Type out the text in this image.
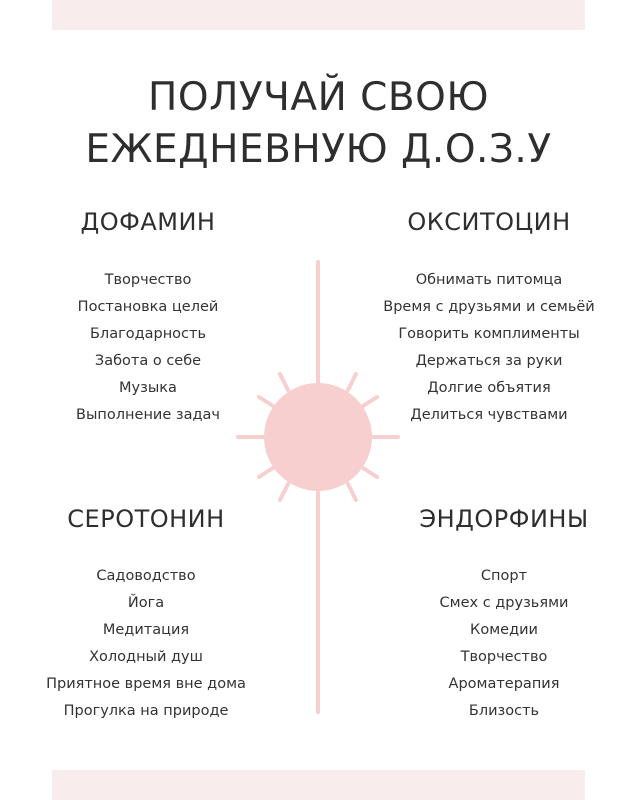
ПОЛУЧАЙ СВОЮ
ЕЖЕДНЕВНУЮ Д.О.З.У
ДОФАМИН
Творчество
Постановка целей
Благодарность
Забота о себе
Музыка
Выполнение задач
ОКСИТОЦИН
Обнимать питомца
Время с друзьями и семьёй
Говорить комплименты
Держаться за руки
Долгие объятия
Делиться чувствами
СЕРОТОНИН
Садоводство
Йога
Медитация
Холодный душ
Приятное время вне дома
Прогулка на природе
ЭНДОРФИНЫ
Спорт
Смех с друзьями
Комедии
Творчество
Ароматерапия
Близость
